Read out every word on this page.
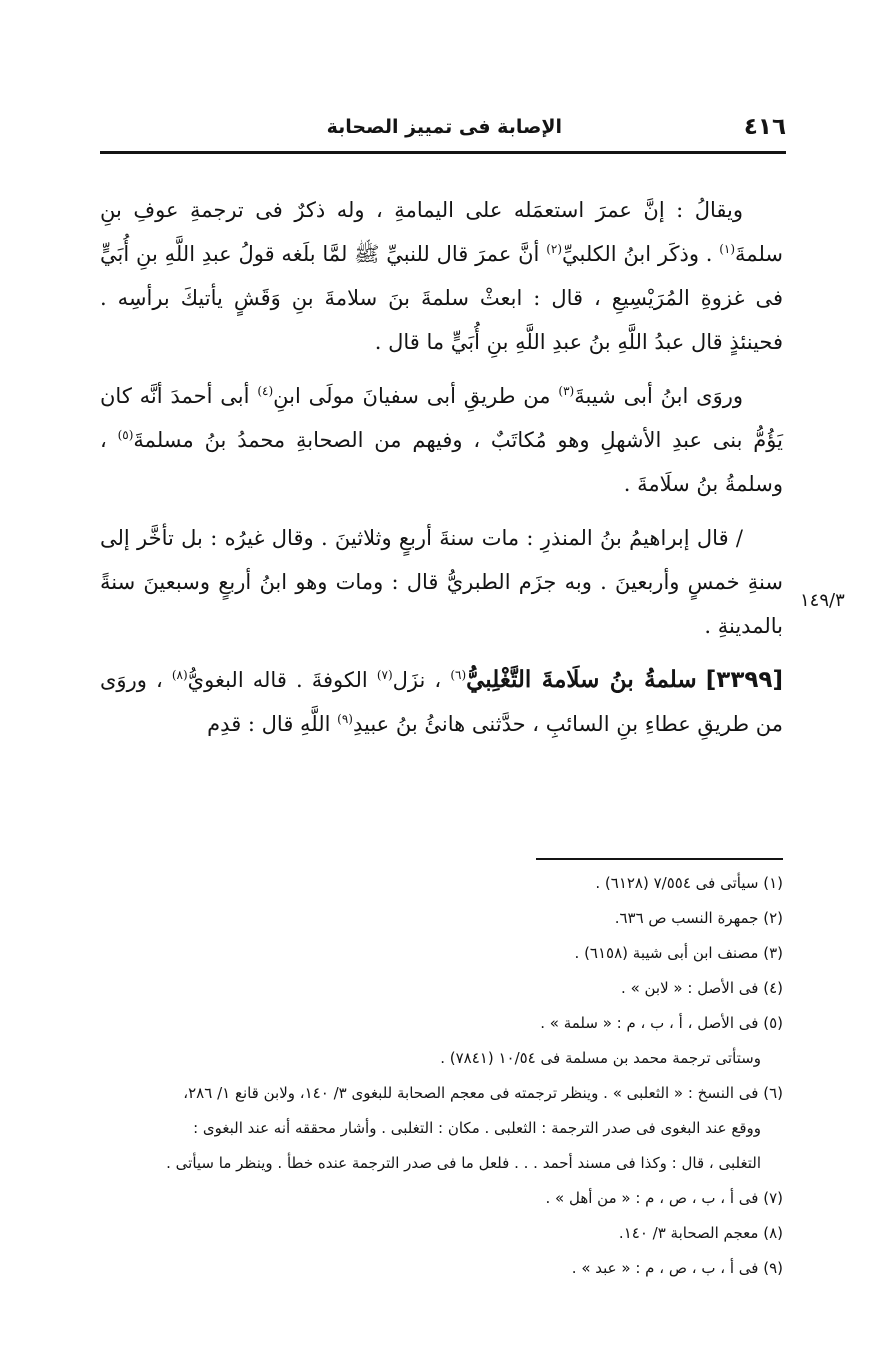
٤١٦
الإصابة فى تمييز الصحابة

ويقالُ : إنَّ عمرَ استعمَله على اليمامةِ ، وله ذكرٌ فى ترجمةِ عوفِ بنِ سلمةَ$^{(١)}$ . وذكَر ابنُ الكلبيِّ$^{(٢)}$ أنَّ عمرَ قال للنبيِّ ﷺ لمَّا بلَغه قولُ عبدِ اللَّهِ بنِ أُبَيٍّ فى غزوةِ المُرَيْسِيعِ ، قال : ابعثْ سلمةَ بنَ سلامةَ بنِ وَقَشٍ يأتيكَ برأسِه . فحينئذٍ قال عبدُ اللَّهِ بنُ عبدِ اللَّهِ بنِ أُبَيٍّ ما قال .

وروَى ابنُ أبى شيبةَ$^{(٣)}$ من طريقِ أبى سفيانَ مولَى ابنِ$^{(٤)}$ أبى أحمدَ أنَّه كان يَؤُمُّ بنى عبدِ الأشهلِ وهو مُكاتَبٌ ، وفيهم من الصحابةِ محمدُ بنُ مسلمةَ$^{(٥)}$ ، وسلمةُ بنُ سلَامةَ .

/ قال إبراهيمُ بنُ المنذرِ : مات سنةَ أربعٍ وثلاثينَ . وقال غيرُه : بل تأخَّر إلى سنةِ خمسٍ وأربعينَ . وبه جزَم الطبريُّ قال : ومات وهو ابنُ أربعٍ وسبعينَ سنةً بالمدينةِ .

[٣٣٩٩] سلمةُ بنُ سلَامةَ التَّغْلِبيُّ$^{(٦)}$ ، نزَل$^{(٧)}$ الكوفةَ . قاله البغويُّ$^{(٨)}$ ، وروَى من طريقِ عطاءِ بنِ السائبِ ، حدَّثنى هانئُ بنُ عبيدِ$^{(٩)}$ اللَّهِ قال : قدِم

١٤٩/٣
(١) سيأتى فى ٧/٥٥٤ (٦١٢٨) .
(٢) جمهرة النسب ص ٦٣٦.
(٣) مصنف ابن أبى شيبة (٦١٥٨) .
(٤) فى الأصل : « لابن » .
(٥) فى الأصل ، أ ، ب ، م : « سلمة » .
وستأتى ترجمة محمد بن مسلمة فى ١٠/٥٤ (٧٨٤١) .
(٦) فى النسخ : « الثعلبى » . وينظر ترجمته فى معجم الصحابة للبغوى ٣/ ١٤٠، ولابن قانع ١/ ٢٨٦،
ووقع عند البغوى فى صدر الترجمة : الثعلبى . مكان : التغلبى . وأشار محققه أنه عند البغوى :
التغلبى ، قال : وكذا فى مسند أحمد . . . فلعل ما فى صدر الترجمة عنده خطأ . وينظر ما سيأتى .
(٧) فى أ ، ب ، ص ، م : « من أهل » .
(٨) معجم الصحابة ٣/ ١٤٠.
(٩) فى أ ، ب ، ص ، م : « عبد » .
